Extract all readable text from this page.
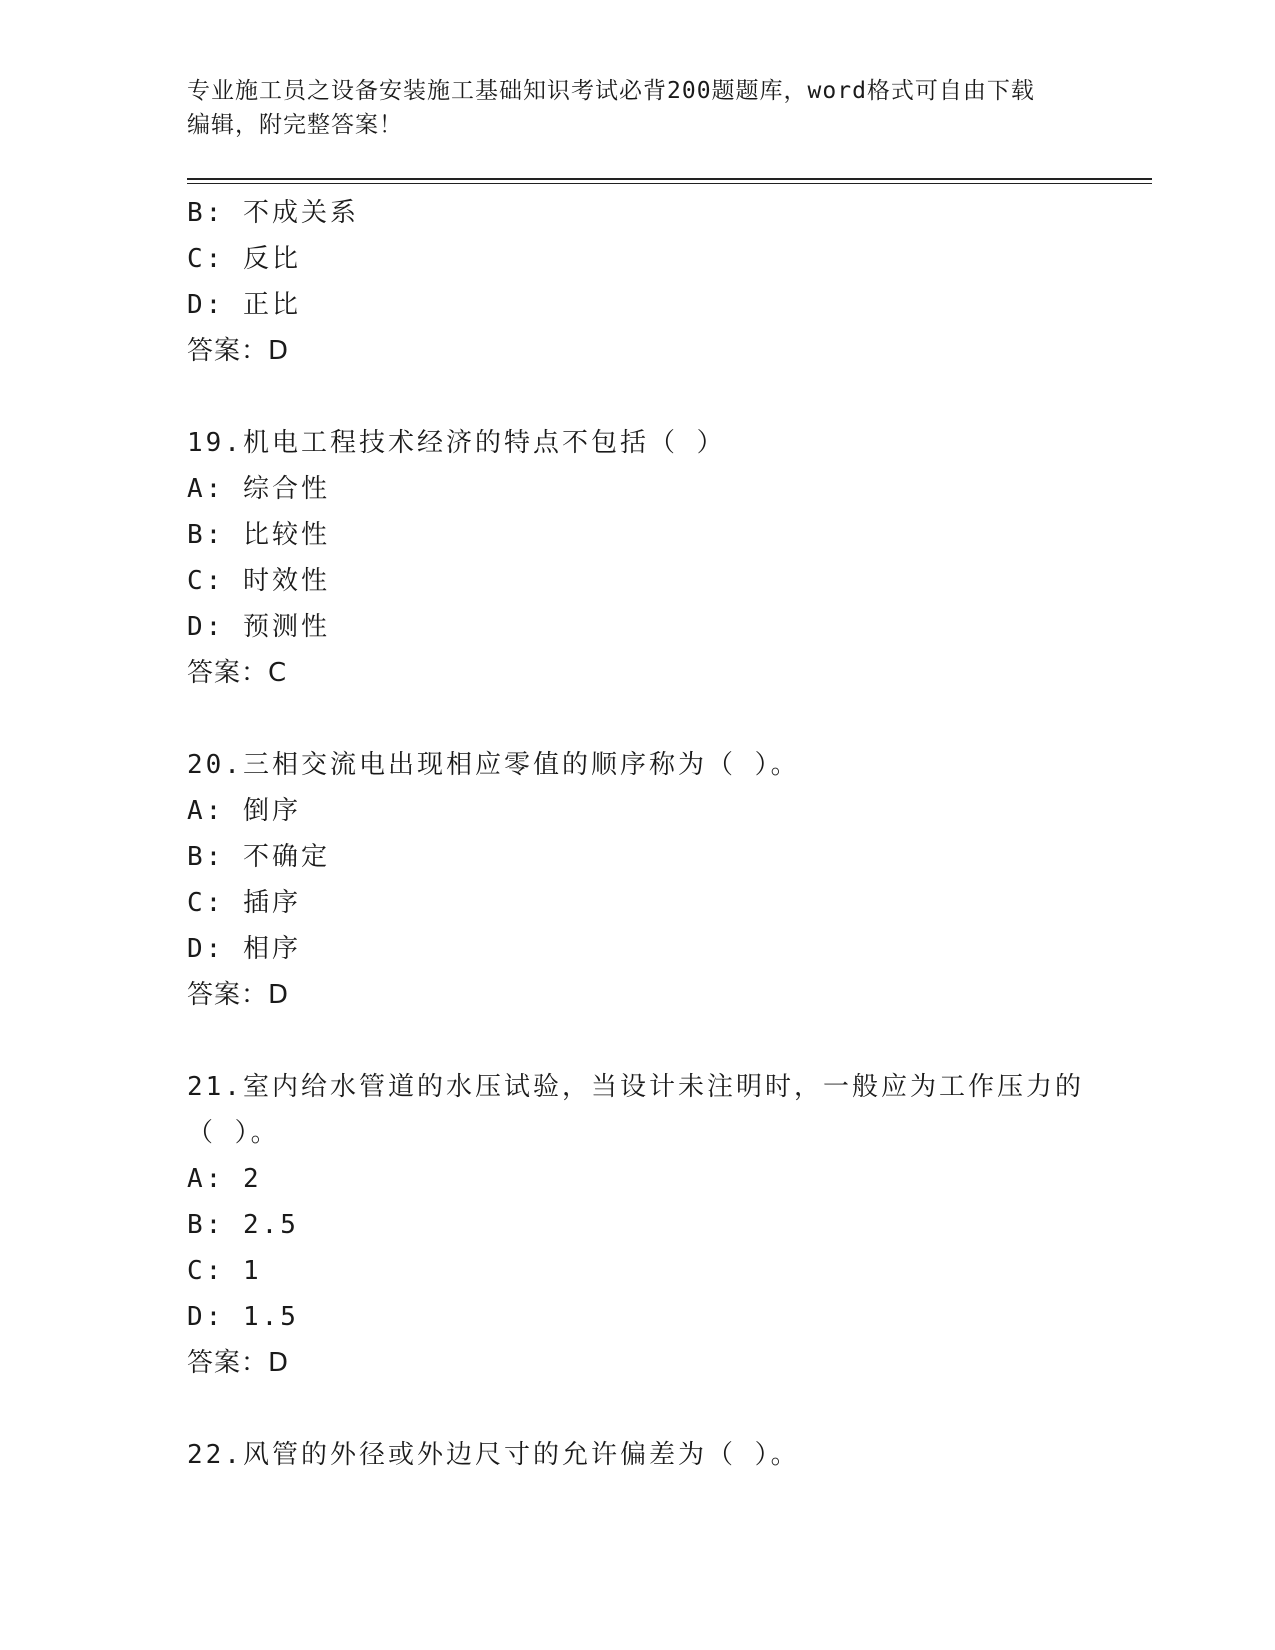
专业施工员之设备安装施工基础知识考试必背200题题库，word格式可自由下载
编辑，附完整答案！
B: 不成关系
C: 反比
D: 正比
答案：D
19.机电工程技术经济的特点不包括（ ）
A: 综合性
B: 比较性
C: 时效性
D: 预测性
答案：C
20.三相交流电出现相应零值的顺序称为（ ）。
A: 倒序
B: 不确定
C: 插序
D: 相序
答案：D
21.室内给水管道的水压试验，当设计未注明时，一般应为工作压力的
（ ）。
A: 2
B: 2.5
C: 1
D: 1.5
答案：D
22.风管的外径或外边尺寸的允许偏差为（ ）。
